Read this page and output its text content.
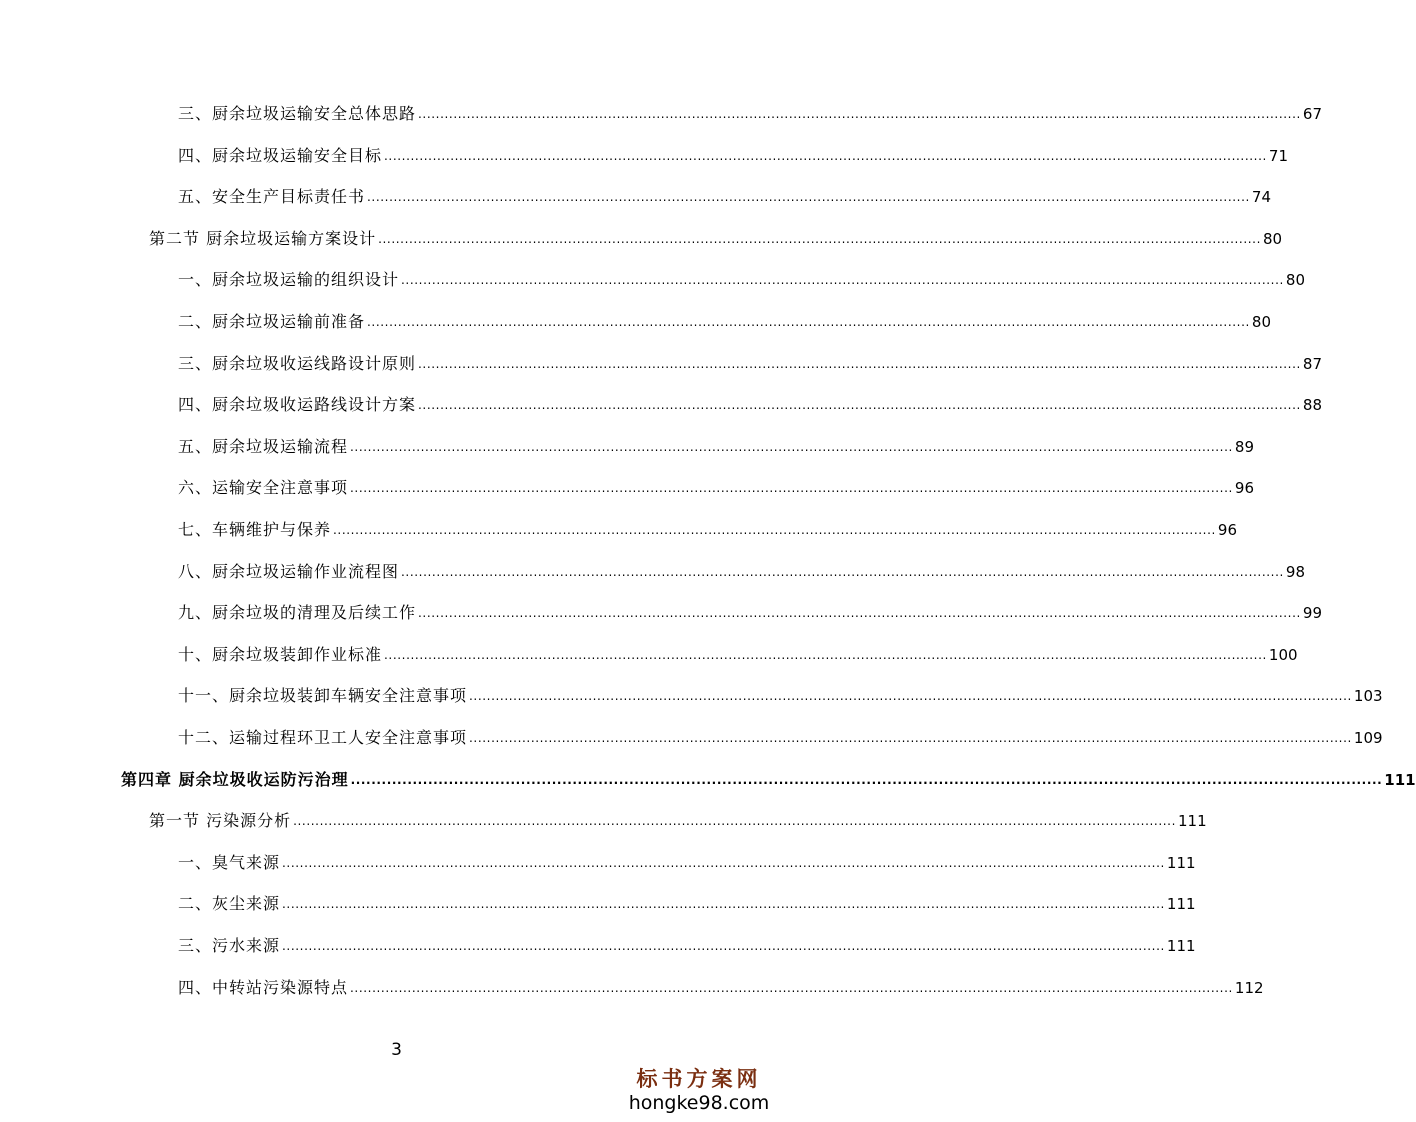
三、厨余垃圾运输安全总体思路 ........................................................................................................................................................................................................ 67
四、厨余垃圾运输安全目标 ........................................................................................................................................................................................................ 71
五、安全生产目标责任书 ........................................................................................................................................................................................................ 74
第二节 厨余垃圾运输方案设计 ........................................................................................................................................................................................................ 80
一、厨余垃圾运输的组织设计 ........................................................................................................................................................................................................ 80
二、厨余垃圾运输前准备 ........................................................................................................................................................................................................ 80
三、厨余垃圾收运线路设计原则 ........................................................................................................................................................................................................ 87
四、厨余垃圾收运路线设计方案 ........................................................................................................................................................................................................ 88
五、厨余垃圾运输流程 ........................................................................................................................................................................................................ 89
六、运输安全注意事项 ........................................................................................................................................................................................................ 96
七、车辆维护与保养 ........................................................................................................................................................................................................ 96
八、厨余垃圾运输作业流程图 ........................................................................................................................................................................................................ 98
九、厨余垃圾的清理及后续工作 ........................................................................................................................................................................................................ 99
十、厨余垃圾装卸作业标准 ........................................................................................................................................................................................................ 100
十一、厨余垃圾装卸车辆安全注意事项 ........................................................................................................................................................................................................ 103
十二、运输过程环卫工人安全注意事项 ........................................................................................................................................................................................................ 109
第四章 厨余垃圾收运防污治理 ........................................................................................................................................................................................................ 111
第一节 污染源分析 ........................................................................................................................................................................................................ 111
一、臭气来源 ........................................................................................................................................................................................................ 111
二、灰尘来源 ........................................................................................................................................................................................................ 111
三、污水来源 ........................................................................................................................................................................................................ 111
四、中转站污染源特点 ........................................................................................................................................................................................................ 112
3
标书方案网
hongke98.com
